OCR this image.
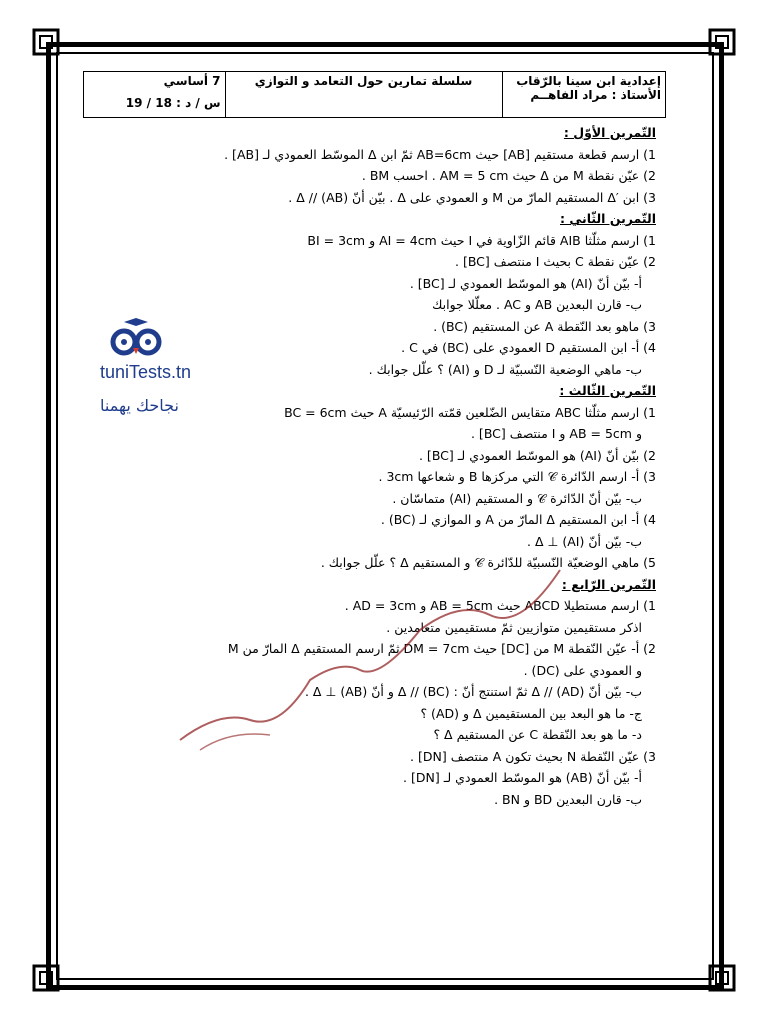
إعدادية ابن سينا بالرّقاب
الأستاذ : مراد الفاهــم
سلسلة تمارين حول التعامد و التوازي
7 أساسي
س / د : 18 / 19
tuniTests.tn
نجاحك يهمنا
التّمرين الأوّل :
1) ارسم قطعة مستقيم [AB] حيث AB=6cm ثمّ ابن Δ الموسّط العمودي لـ [AB] .
2) عيّن نقطة M من Δ حيث AM = 5 cm . احسب BM .
3) ابن ′Δ المستقيم المارّ من M و العمودي على Δ . بيّن أنّ (AB) // Δ .
التّمرين الثّاني :
1) ارسم مثلّثا AIB قائم الزّاوية في I حيث AI = 4cm و BI = 3cm
2) عيّن نقطة C بحيث I منتصف [BC] .
أ- بيّن أنّ (AI) هو الموسّط العمودي لـ [BC] .
ب- قارن البعدين AB و AC . معلّلا جوابك
3) ماهو بعد النّقطة A عن المستقيم (BC) .
4) أ- ابن المستقيم D العمودي على (BC) في C .
ب- ماهي الوضعية النّسبيّة لـ D و (AI) ؟ علّل جوابك .
التّمرين الثّالث :
1) ارسم مثلّثا ABC متقايس الضّلعين قمّته الرّئيسيّة A حيث BC = 6cm
و AB = 5cm و I منتصف [BC] .
2) بيّن أنّ (AI) هو الموسّط العمودي لـ [BC] .
3) أ- ارسم الدّائرة 𝒞 التي مركزها B و شعاعها 3cm .
ب- بيّن أنّ الدّائرة 𝒞 و المستقيم (AI) متماسّان .
4) أ- ابن المستقيم Δ المارّ من A و الموازي لـ (BC) .
ب- بيّن أنّ (AI) ⊥ Δ .
5) ماهي الوضعيّة النّسبيّة للدّائرة 𝒞 و المستقيم Δ ؟ علّل جوابك .
التّمرين الرّابع :
1) ارسم مستطيلا ABCD حيث AB = 5cm و AD = 3cm .
اذكر مستقيمين متوازيين ثمّ مستقيمين متعامدين .
2) أ- عيّن النّقطة M من [DC] حيث DM = 7cm ثمّ ارسم المستقيم Δ المارّ من M
و العمودي على (DC) .
ب- بيّن أنّ (AD) // Δ ثمّ استنتج أنّ : (BC) // Δ و أنّ (AB) ⊥ Δ .
ج- ما هو البعد بين المستقيمين Δ و (AD) ؟
د- ما هو بعد النّقطة C عن المستقيم Δ ؟
3) عيّن النّقطة N بحيث تكون A منتصف [DN] .
أ- بيّن أنّ (AB) هو الموسّط العمودي لـ [DN] .
ب- قارن البعدين BD و BN .
